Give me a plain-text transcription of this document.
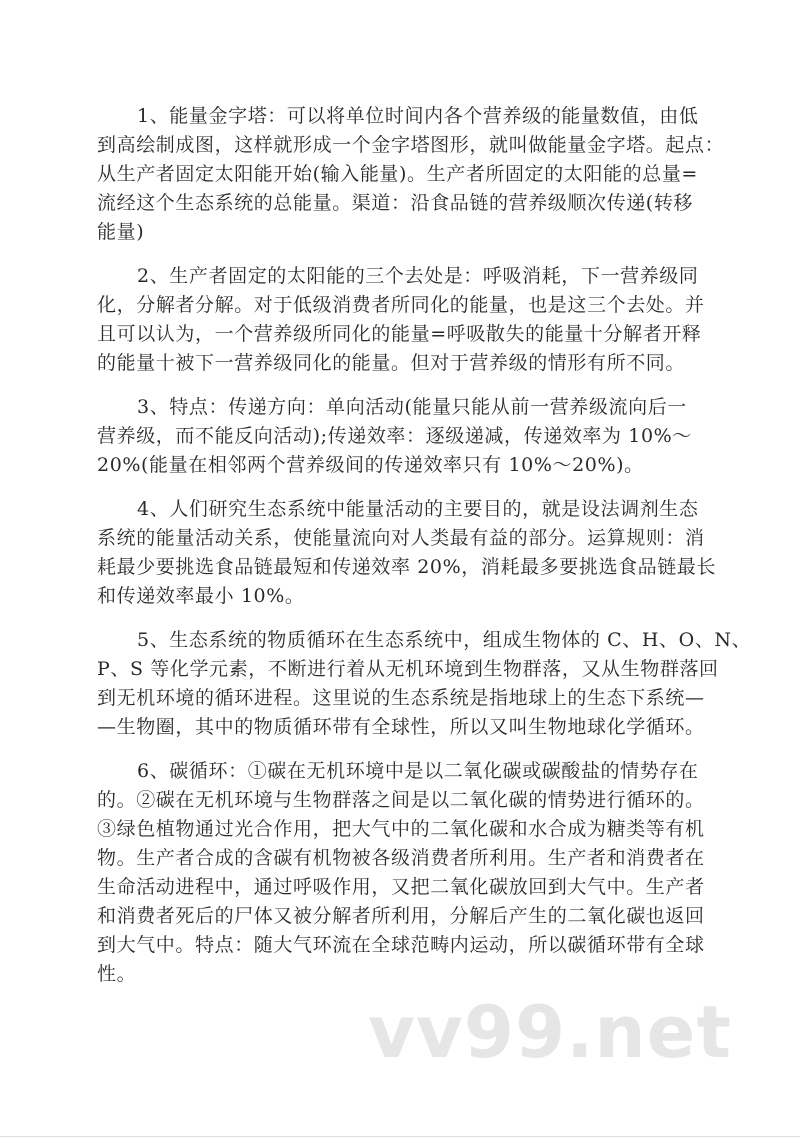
1、能量金字塔：可以将单位时间内各个营养级的能量数值，由低
到高绘制成图，这样就形成一个金字塔图形，就叫做能量金字塔。起点：
从生产者固定太阳能开始(输入能量)。生产者所固定的太阳能的总量=
流经这个生态系统的总能量。渠道：沿食品链的营养级顺次传递(转移
能量)
2、生产者固定的太阳能的三个去处是：呼吸消耗，下一营养级同
化，分解者分解。对于低级消费者所同化的能量，也是这三个去处。并
且可以认为，一个营养级所同化的能量=呼吸散失的能量十分解者开释
的能量十被下一营养级同化的能量。但对于营养级的情形有所不同。
3、特点：传递方向：单向活动(能量只能从前一营养级流向后一
营养级，而不能反向活动);传递效率：逐级递减，传递效率为 10%～
20%(能量在相邻两个营养级间的传递效率只有 10%～20%)。
4、人们研究生态系统中能量活动的主要目的，就是设法调剂生态
系统的能量活动关系，使能量流向对人类最有益的部分。运算规则：消
耗最少要挑选食品链最短和传递效率 20%，消耗最多要挑选食品链最长
和传递效率最小 10%。
5、生态系统的物质循环在生态系统中，组成生物体的 C、H、O、N、
P、S 等化学元素，不断进行着从无机环境到生物群落，又从生物群落回
到无机环境的循环进程。这里说的生态系统是指地球上的生态下系统—
—生物圈，其中的物质循环带有全球性，所以又叫生物地球化学循环。
6、碳循环：①碳在无机环境中是以二氧化碳或碳酸盐的情势存在
的。②碳在无机环境与生物群落之间是以二氧化碳的情势进行循环的。
③绿色植物通过光合作用，把大气中的二氧化碳和水合成为糖类等有机
物。生产者合成的含碳有机物被各级消费者所利用。生产者和消费者在
生命活动进程中，通过呼吸作用，又把二氧化碳放回到大气中。生产者
和消费者死后的尸体又被分解者所利用，分解后产生的二氧化碳也返回
到大气中。特点：随大气环流在全球范畴内运动，所以碳循环带有全球
性。
vv99.net
